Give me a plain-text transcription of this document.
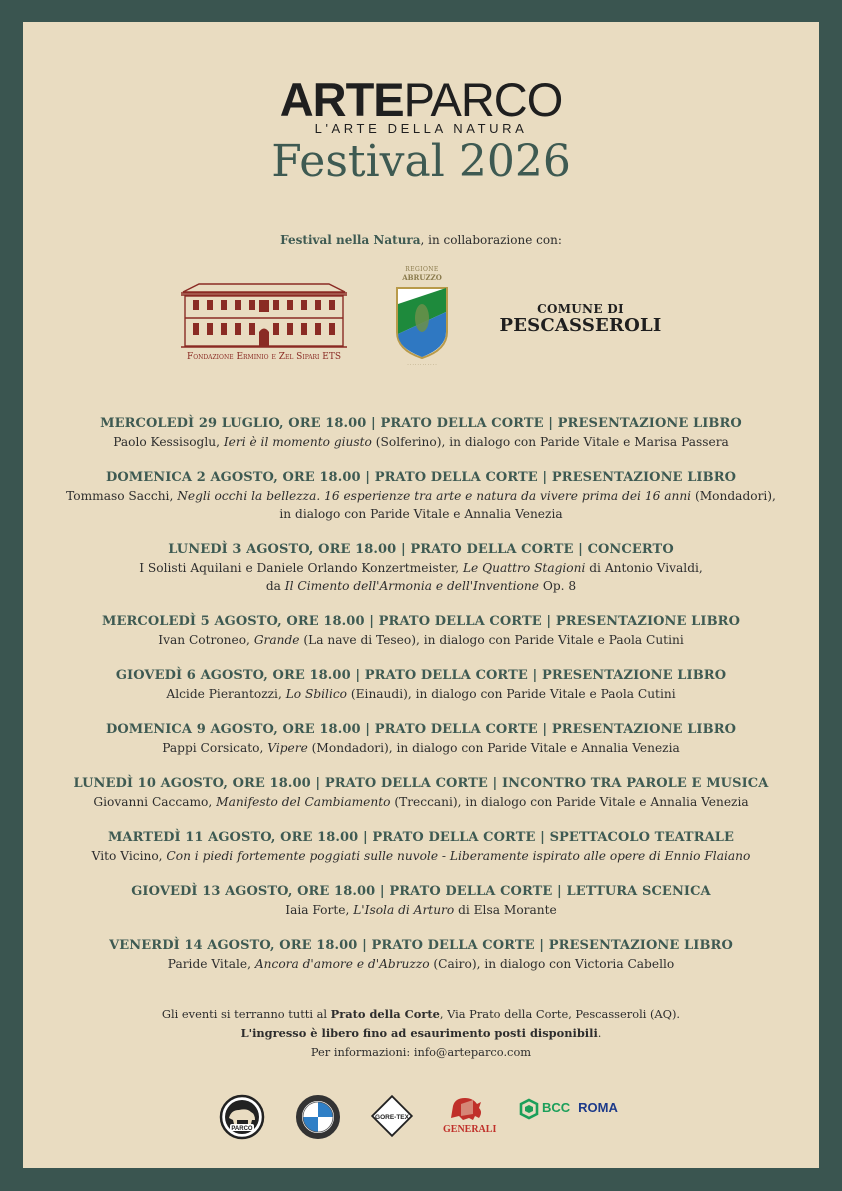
ARTEPARCO
L'ARTE DELLA NATURA
Festival 2026
Festival nella Natura, in collaborazione con:
Fondazione Erminio e Zel Sipari ETS
REGIONE
ABRUZZO
· · · · · · · · · · · ·
COMUNE DI
PESCASSEROLI
MERCOLEDÌ 29 LUGLIO, ORE 18.00 | PRATO DELLA CORTE | PRESENTAZIONE LIBRO
Paolo Kessisoglu, Ieri è il momento giusto (Solferino), in dialogo con Paride Vitale e Marisa Passera
DOMENICA 2 AGOSTO, ORE 18.00 | PRATO DELLA CORTE | PRESENTAZIONE LIBRO
Tommaso Sacchi, Negli occhi la bellezza. 16 esperienze tra arte e natura da vivere prima dei 16 anni (Mondadori),
in dialogo con Paride Vitale e Annalia Venezia
LUNEDÌ 3 AGOSTO, ORE 18.00 | PRATO DELLA CORTE | CONCERTO
I Solisti Aquilani e Daniele Orlando Konzertmeister, Le Quattro Stagioni di Antonio Vivaldi,
da Il Cimento dell'Armonia e dell'Inventione Op. 8
MERCOLEDÌ 5 AGOSTO, ORE 18.00 | PRATO DELLA CORTE | PRESENTAZIONE LIBRO
Ivan Cotroneo, Grande (La nave di Teseo), in dialogo con Paride Vitale e Paola Cutini
GIOVEDÌ 6 AGOSTO, ORE 18.00 | PRATO DELLA CORTE | PRESENTAZIONE LIBRO
Alcide Pierantozzi, Lo Sbilico (Einaudi), in dialogo con Paride Vitale e Paola Cutini
DOMENICA 9 AGOSTO, ORE 18.00 | PRATO DELLA CORTE | PRESENTAZIONE LIBRO
Pappi Corsicato, Vipere (Mondadori), in dialogo con Paride Vitale e Annalia Venezia
LUNEDÌ 10 AGOSTO, ORE 18.00 | PRATO DELLA CORTE | INCONTRO TRA PAROLE E MUSICA
Giovanni Caccamo, Manifesto del Cambiamento (Treccani), in dialogo con Paride Vitale e Annalia Venezia
MARTEDÌ 11 AGOSTO, ORE 18.00 | PRATO DELLA CORTE | SPETTACOLO TEATRALE
Vito Vicino, Con i piedi fortemente poggiati sulle nuvole - Liberamente ispirato alle opere di Ennio Flaiano
GIOVEDÌ 13 AGOSTO, ORE 18.00 | PRATO DELLA CORTE | LETTURA SCENICA
Iaia Forte, L'Isola di Arturo di Elsa Morante
VENERDÌ 14 AGOSTO, ORE 18.00 | PRATO DELLA CORTE | PRESENTAZIONE LIBRO
Paride Vitale, Ancora d'amore e d'Abruzzo (Cairo), in dialogo con Victoria Cabello
Gli eventi si terranno tutti al Prato della Corte, Via Prato della Corte, Pescasseroli (AQ).
L'ingresso è libero fino ad esaurimento posti disponibili.
Per informazioni: info@arteparco.com
PARCO
GORE-TEX
GENERALI
BCC ROMA
